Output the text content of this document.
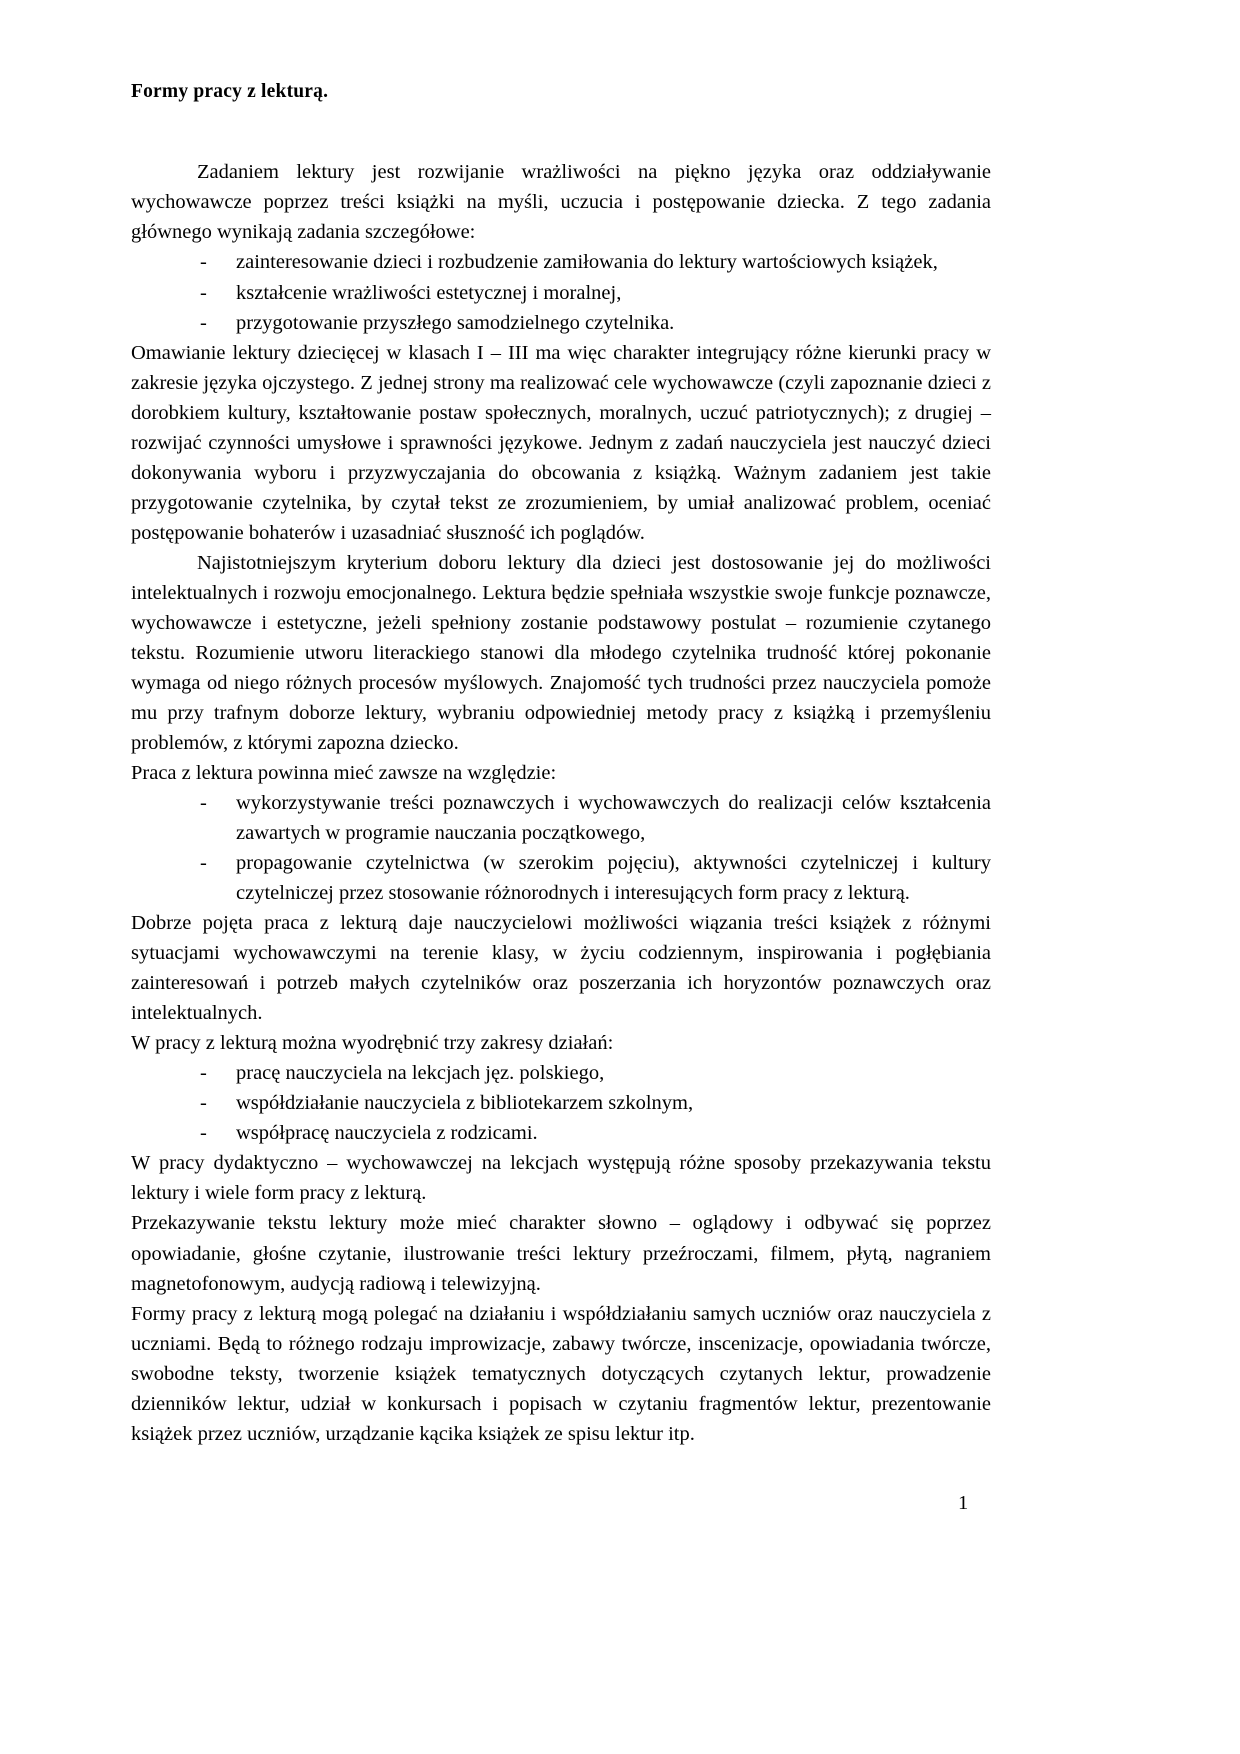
Formy pracy z lekturą.

Zadaniem lektury jest rozwijanie wrażliwości na piękno języka oraz oddziaływanie wychowawcze poprzez treści książki na myśli, uczucia i postępowanie dziecka. Z tego zadania głównego wynikają zadania szczegółowe:

- zainteresowanie dzieci i rozbudzenie zamiłowania do lektury wartościowych książek,
- kształcenie wrażliwości estetycznej i moralnej,
- przygotowanie przyszłego samodzielnego czytelnika.

Omawianie lektury dziecięcej w klasach I – III ma więc charakter integrujący różne kierunki pracy w zakresie języka ojczystego. Z jednej strony ma realizować cele wychowawcze (czyli zapoznanie dzieci z dorobkiem kultury, kształtowanie postaw społecznych, moralnych, uczuć patriotycznych); z drugiej – rozwijać czynności umysłowe i sprawności językowe. Jednym z zadań nauczyciela jest nauczyć dzieci dokonywania wyboru i przyzwyczajania do obcowania z książką. Ważnym zadaniem jest takie przygotowanie czytelnika, by czytał tekst ze zrozumieniem, by umiał analizować problem, oceniać postępowanie bohaterów i uzasadniać słuszność ich poglądów.

Najistotniejszym kryterium doboru lektury dla dzieci jest dostosowanie jej do możliwości intelektualnych i rozwoju emocjonalnego. Lektura będzie spełniała wszystkie swoje funkcje poznawcze, wychowawcze i estetyczne, jeżeli spełniony zostanie podstawowy postulat – rozumienie czytanego tekstu. Rozumienie utworu literackiego stanowi dla młodego czytelnika trudność której pokonanie wymaga od niego różnych procesów myślowych. Znajomość tych trudności przez nauczyciela pomoże mu przy trafnym doborze lektury, wybraniu odpowiedniej metody pracy z książką i przemyśleniu problemów, z którymi zapozna dziecko.

Praca z lektura powinna mieć zawsze na względzie:

- wykorzystywanie treści poznawczych i wychowawczych do realizacji celów kształcenia zawartych w programie nauczania początkowego,
- propagowanie czytelnictwa (w szerokim pojęciu), aktywności czytelniczej i kultury czytelniczej przez stosowanie różnorodnych i interesujących form pracy z lekturą.

Dobrze pojęta praca z lekturą daje nauczycielowi możliwości wiązania treści książek z różnymi sytuacjami wychowawczymi na terenie klasy, w życiu codziennym, inspirowania i pogłębiania zainteresowań i potrzeb małych czytelników oraz poszerzania ich horyzontów poznawczych oraz intelektualnych.

W pracy z lekturą można wyodrębnić trzy zakresy działań:

- pracę nauczyciela na lekcjach jęz. polskiego,
- współdziałanie nauczyciela z bibliotekarzem szkolnym,
- współpracę nauczyciela z rodzicami.

W pracy dydaktyczno – wychowawczej na lekcjach występują różne sposoby przekazywania tekstu lektury i wiele form pracy z lekturą.

Przekazywanie tekstu lektury może mieć charakter słowno – oglądowy i odbywać się poprzez opowiadanie, głośne czytanie, ilustrowanie treści lektury przeźroczami, filmem, płytą, nagraniem magnetofonowym, audycją radiową i telewizyjną.

Formy pracy z lekturą mogą polegać na działaniu i współdziałaniu samych uczniów oraz nauczyciela z uczniami. Będą to różnego rodzaju improwizacje, zabawy twórcze, inscenizacje, opowiadania twórcze, swobodne teksty, tworzenie książek tematycznych dotyczących czytanych lektur, prowadzenie dzienników lektur, udział w konkursach i popisach w czytaniu fragmentów lektur, prezentowanie książek przez uczniów, urządzanie kącika książek ze spisu lektur itp.

1
